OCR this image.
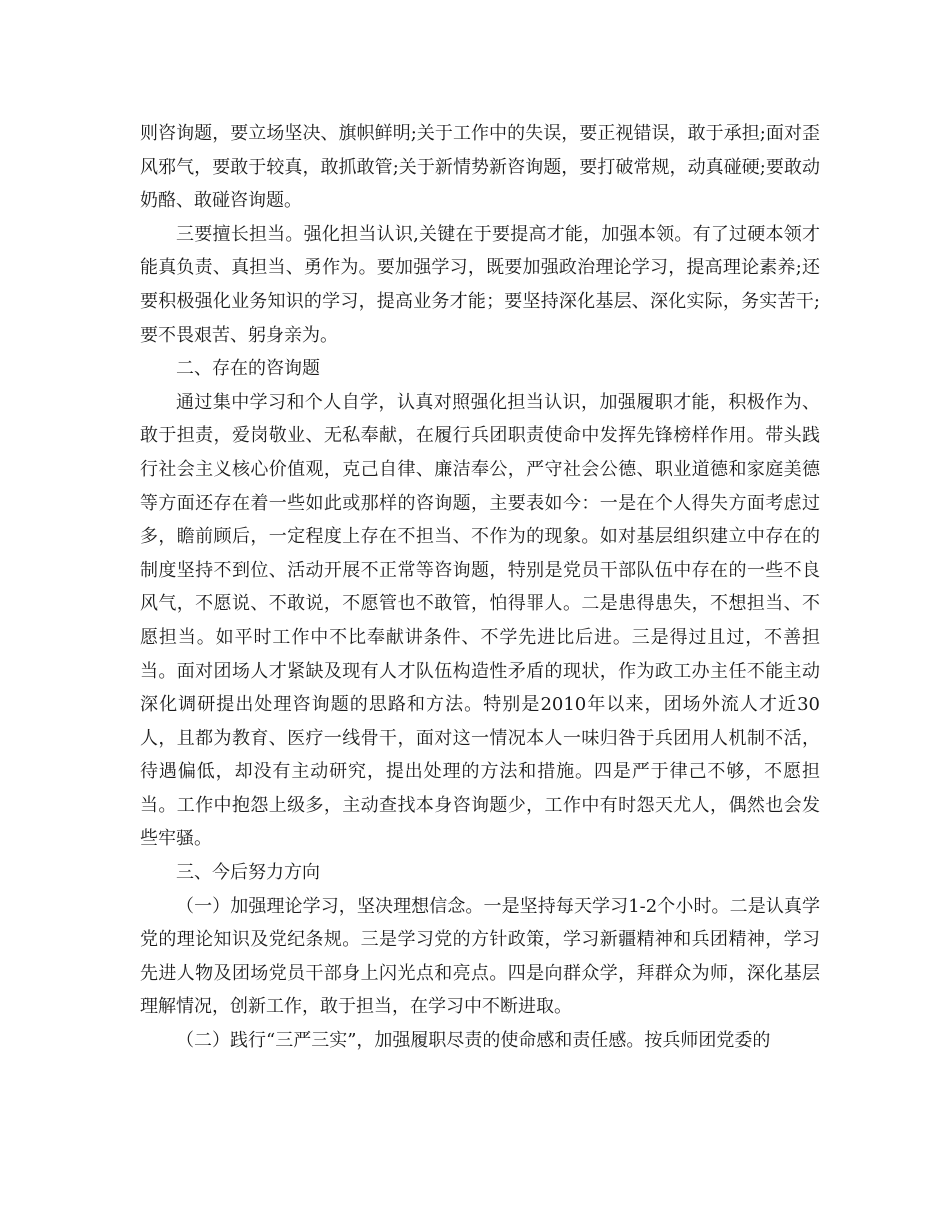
则咨询题，要立场坚决、旗帜鲜明;关于工作中的失误，要正视错误，敢于承担;面对歪风邪气，要敢于较真，敢抓敢管;关于新情势新咨询题，要打破常规，动真碰硬;要敢动奶酪、敢碰咨询题。

三要擅长担当。强化担当认识,关键在于要提高才能，加强本领。有了过硬本领才能真负责、真担当、勇作为。要加强学习，既要加强政治理论学习，提高理论素养;还要积极强化业务知识的学习，提高业务才能；要坚持深化基层、深化实际，务实苦干;要不畏艰苦、躬身亲为。

二、存在的咨询题

通过集中学习和个人自学，认真对照强化担当认识，加强履职才能，积极作为、敢于担责，爱岗敬业、无私奉献，在履行兵团职责使命中发挥先锋榜样作用。带头践行社会主义核心价值观，克己自律、廉洁奉公，严守社会公德、职业道德和家庭美德等方面还存在着一些如此或那样的咨询题，主要表如今：一是在个人得失方面考虑过多，瞻前顾后，一定程度上存在不担当、不作为的现象。如对基层组织建立中存在的制度坚持不到位、活动开展不正常等咨询题，特别是党员干部队伍中存在的一些不良风气，不愿说、不敢说，不愿管也不敢管，怕得罪人。二是患得患失，不想担当、不愿担当。如平时工作中不比奉献讲条件、不学先进比后进。三是得过且过，不善担当。面对团场人才紧缺及现有人才队伍构造性矛盾的现状，作为政工办主任不能主动深化调研提出处理咨询题的思路和方法。特别是2010年以来，团场外流人才近30人，且都为教育、医疗一线骨干，面对这一情况本人一味归咎于兵团用人机制不活，待遇偏低，却没有主动研究，提出处理的方法和措施。四是严于律己不够，不愿担当。工作中抱怨上级多，主动查找本身咨询题少，工作中有时怨天尤人，偶然也会发些牢骚。

三、今后努力方向

（一）加强理论学习，坚决理想信念。一是坚持每天学习1-2个小时。二是认真学党的理论知识及党纪条规。三是学习党的方针政策，学习新疆精神和兵团精神，学习先进人物及团场党员干部身上闪光点和亮点。四是向群众学，拜群众为师，深化基层理解情况，创新工作，敢于担当，在学习中不断进取。

（二）践行“三严三实”，加强履职尽责的使命感和责任感。按兵师团党委的
